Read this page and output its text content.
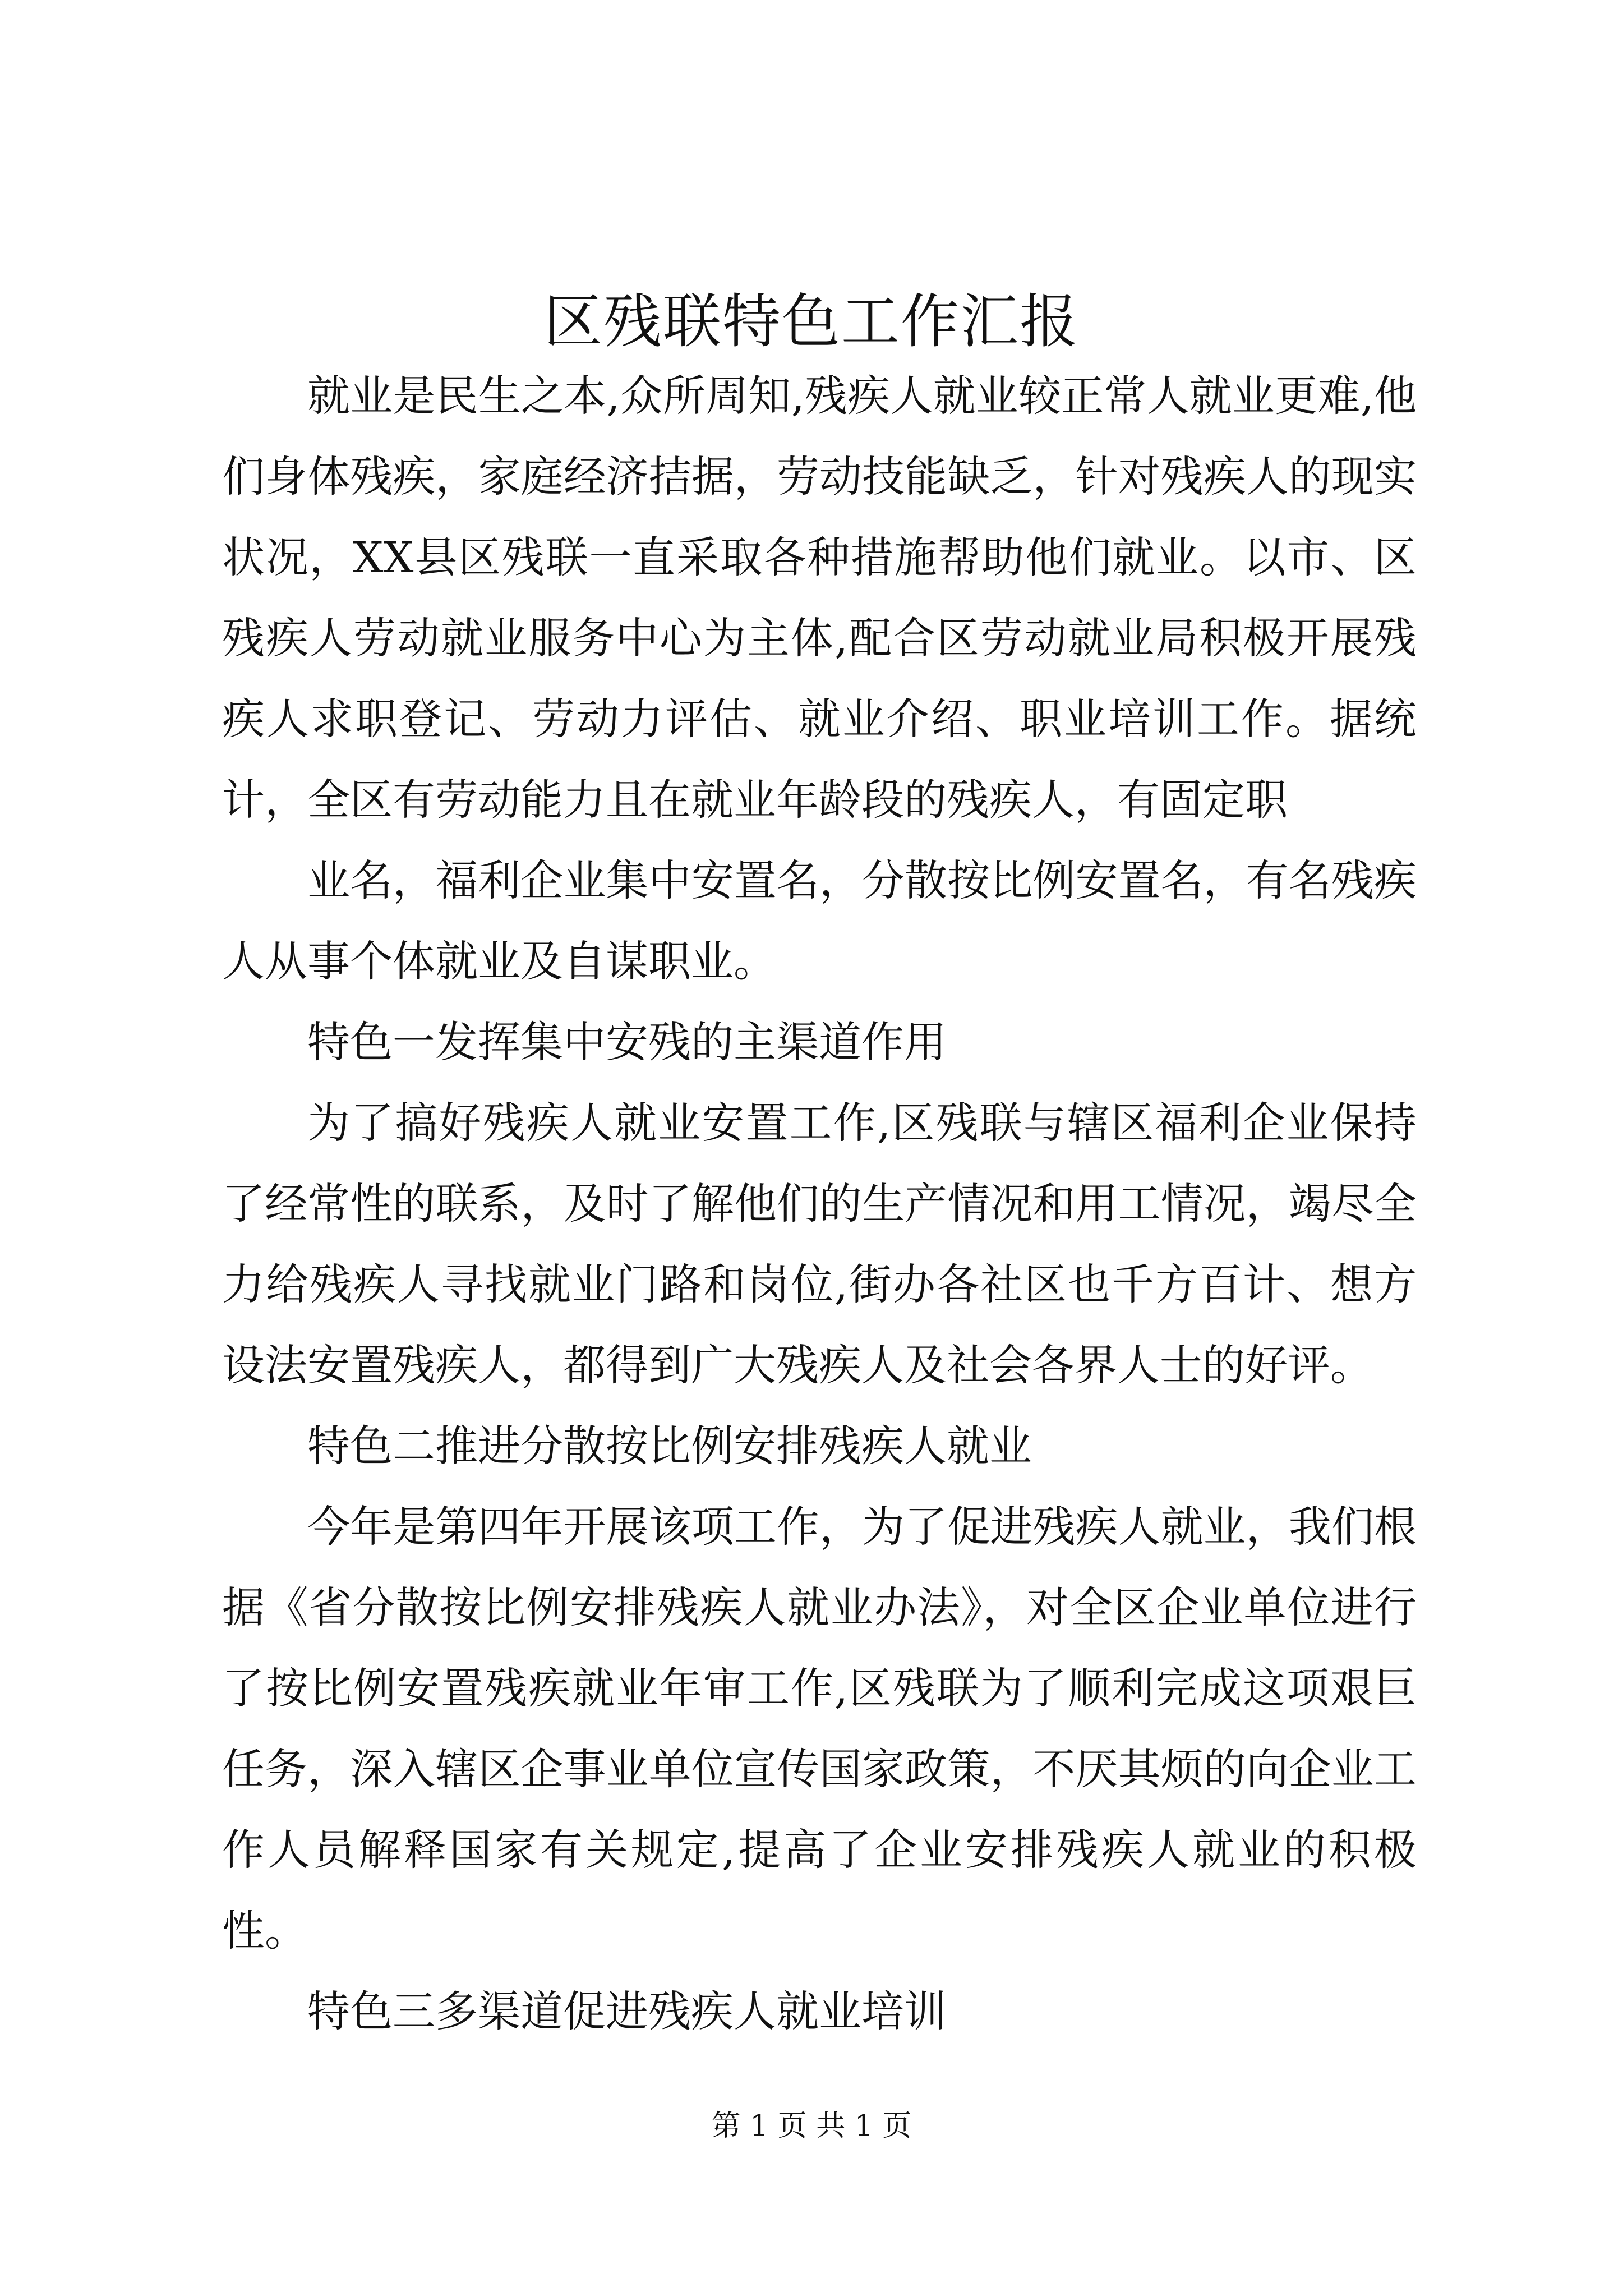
区残联特色工作汇报

就业是民生之本,众所周知,残疾人就业较正常人就业更难,他们身体残疾，家庭经济拮据，劳动技能缺乏，针对残疾人的现实状况，XX县区残联一直采取各种措施帮助他们就业。以市、区残疾人劳动就业服务中心为主体,配合区劳动就业局积极开展残疾人求职登记、劳动力评估、就业介绍、职业培训工作。据统计，全区有劳动能力且在就业年龄段的残疾人，有固定职

业名，福利企业集中安置名，分散按比例安置名，有名残疾人从事个体就业及自谋职业。

特色一发挥集中安残的主渠道作用

为了搞好残疾人就业安置工作,区残联与辖区福利企业保持了经常性的联系，及时了解他们的生产情况和用工情况，竭尽全力给残疾人寻找就业门路和岗位,街办各社区也千方百计、想方设法安置残疾人，都得到广大残疾人及社会各界人士的好评。

特色二推进分散按比例安排残疾人就业

今年是第四年开展该项工作，为了促进残疾人就业，我们根据《省分散按比例安排残疾人就业办法》，对全区企业单位进行了按比例安置残疾就业年审工作,区残联为了顺利完成这项艰巨任务，深入辖区企事业单位宣传国家政策，不厌其烦的向企业工作人员解释国家有关规定,提高了企业安排残疾人就业的积极性。

特色三多渠道促进残疾人就业培训

第 1 页 共 1 页
